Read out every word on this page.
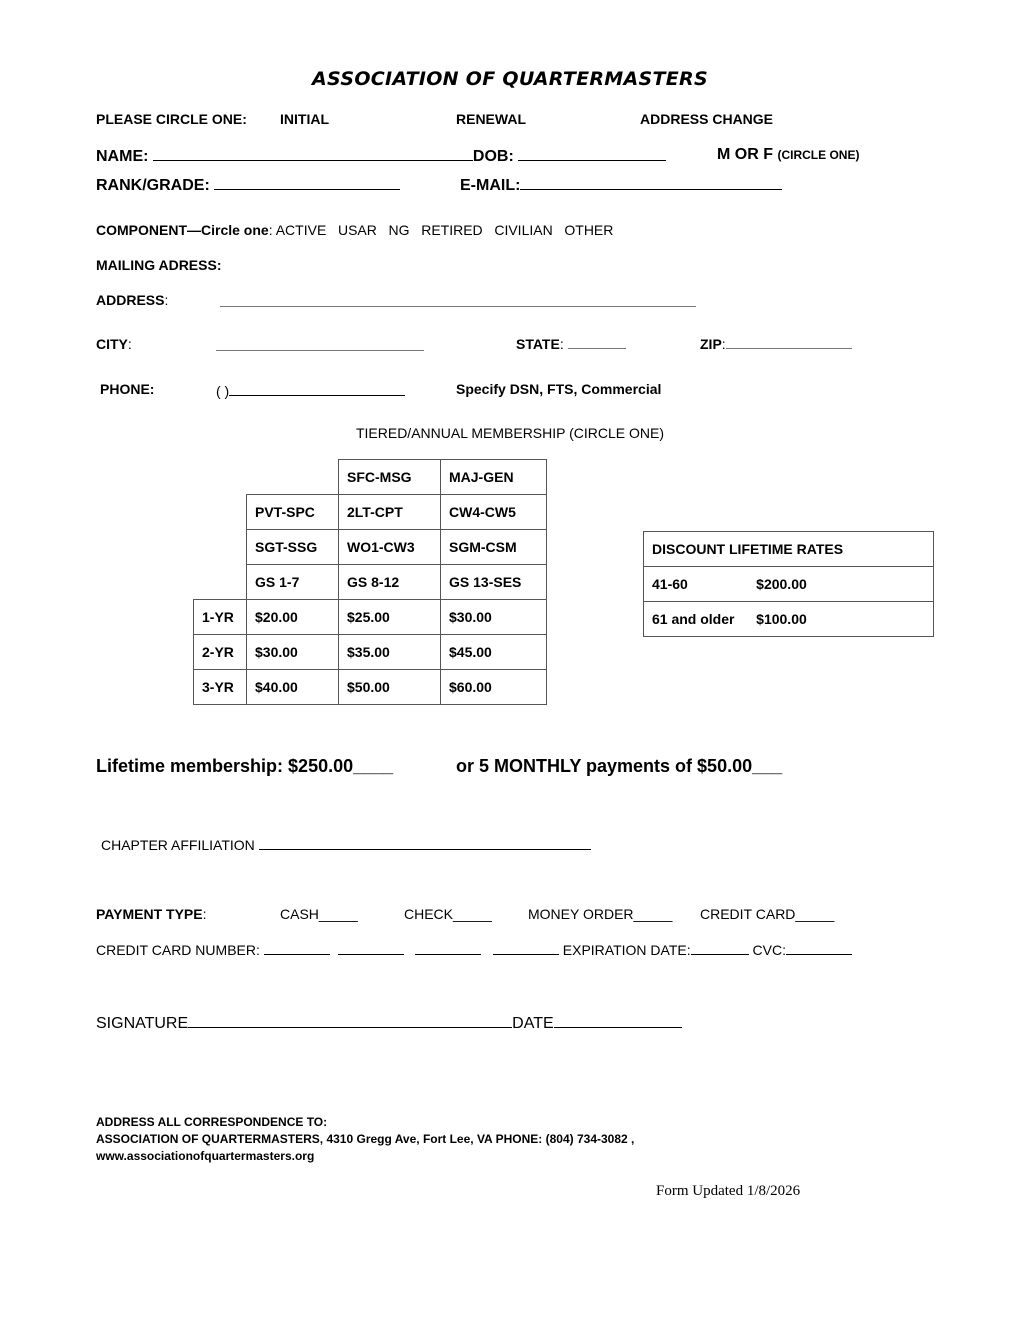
ASSOCIATION OF QUARTERMASTERS
PLEASE CIRCLE ONE: INITIAL	RENEWAL	ADDRESS CHANGE
NAME:	DOB:	M OR F (CIRCLE ONE)
RANK/GRADE:	E-MAIL:
COMPONENT—Circle one: ACTIVE USAR NG RETIRED CIVILIAN OTHER
MAILING ADRESS:
ADDRESS:
CITY:	STATE:	ZIP:
PHONE:	( )	Specify DSN, FTS, Commercial
TIERED/ANNUAL MEMBERSHIP (CIRCLE ONE)
		SFC-MSG	MAJ-GEN
	PVT-SPC	2LT-CPT	CW4-CW5
	SGT-SSG	WO1-CW3	SGM-CSM
	GS 1-7	GS 8-12	GS 13-SES
1-YR	$20.00	$25.00	$30.00
2-YR	$30.00	$35.00	$45.00
3-YR	$40.00	$50.00	$60.00
DISCOUNT LIFETIME RATES	
41-60	$200.00
61 and older	$100.00
Lifetime membership: $250.00____	or 5 MONTHLY payments of $50.00___
CHAPTER AFFILIATION
PAYMENT TYPE:	CASH_____	CHECK_____	MONEY ORDER_____ CREDIT CARD_____
CREDIT CARD NUMBER:	EXPIRATION DATE:	CVC:
SIGNATURE	DATE
ADDRESS ALL CORRESPONDENCE TO:
ASSOCIATION OF QUARTERMASTERS, 4310 Gregg Ave, Fort Lee, VA PHONE: (804) 734-3082 ,
www.associationofquartermasters.org
Form Updated 1/8/2026
